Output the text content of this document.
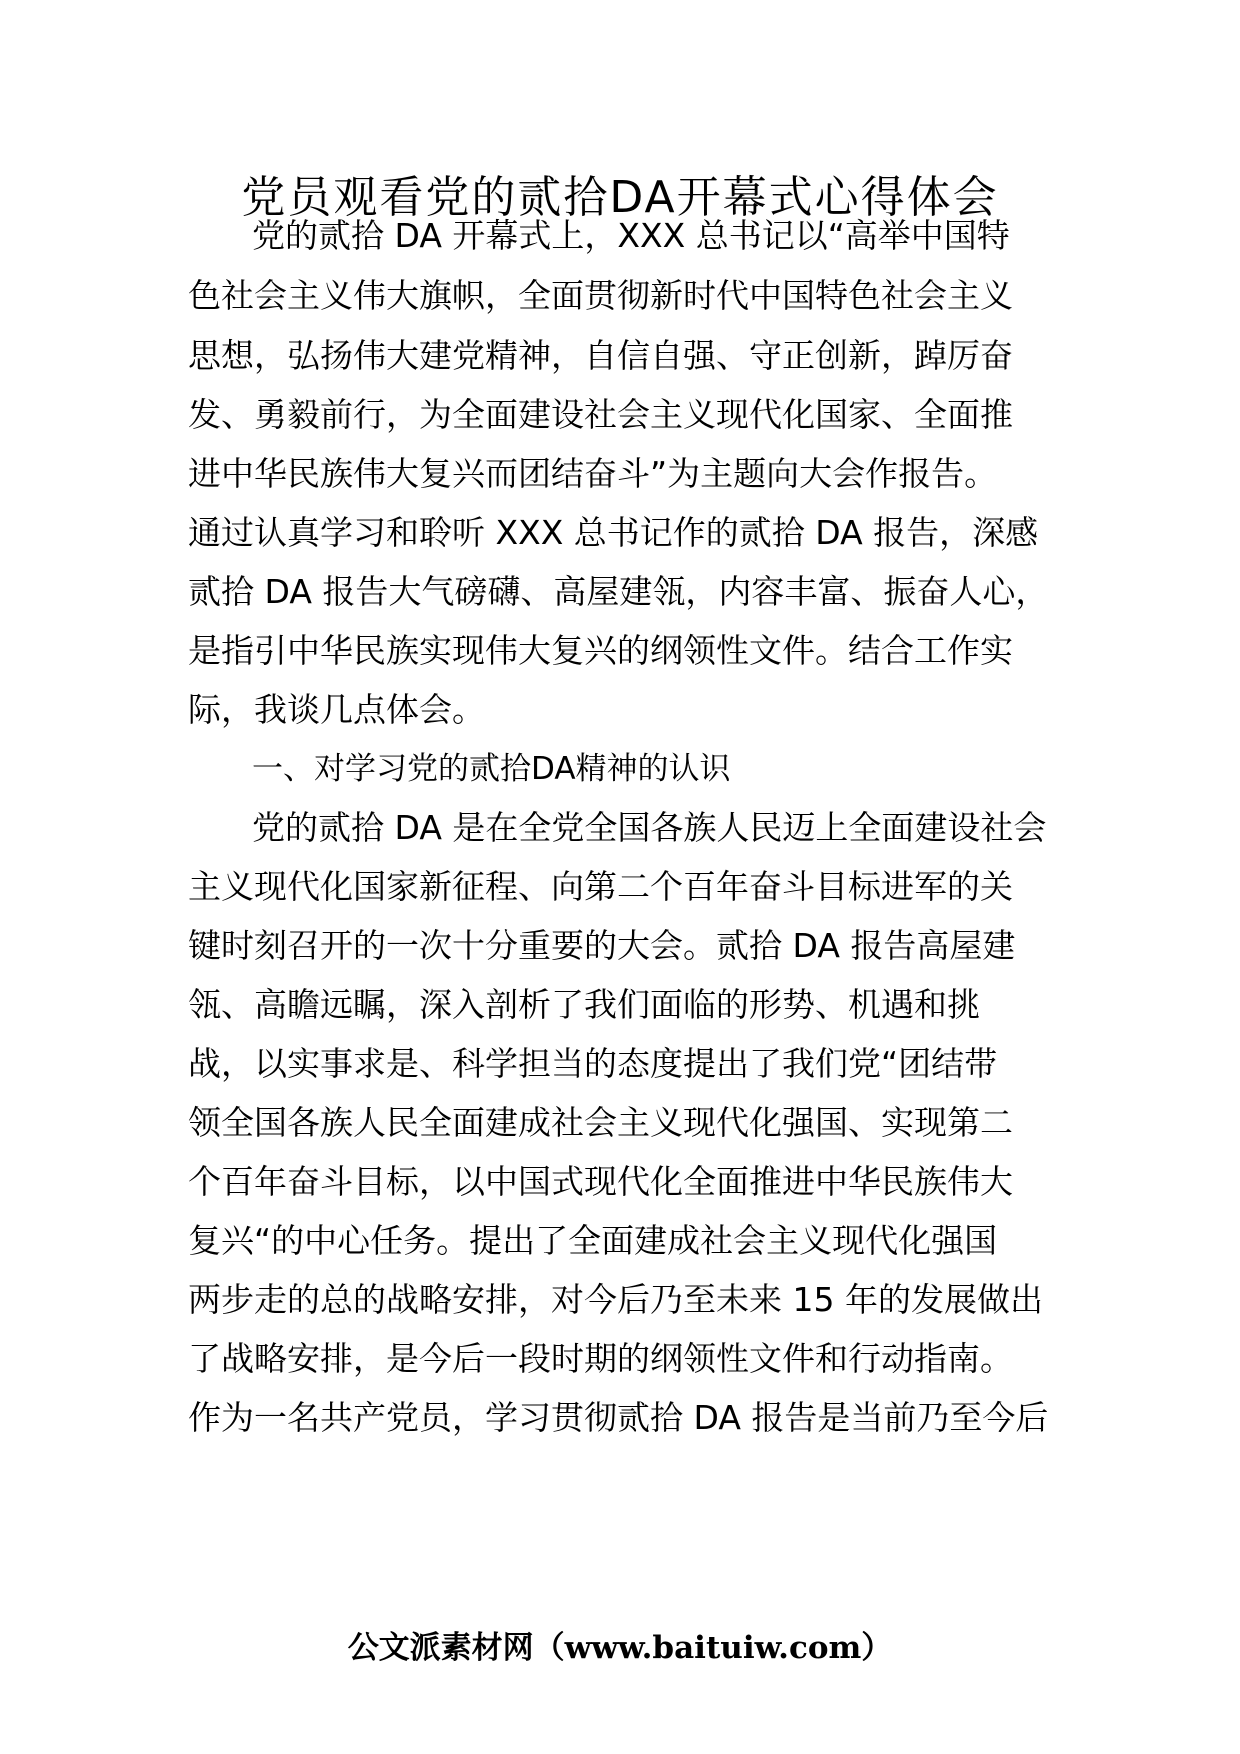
党员观看党的贰拾DA开幕式心得体会
党的贰拾 DA 开幕式上，XXX 总书记以“高举中国特
色社会主义伟大旗帜，全面贯彻新时代中国特色社会主义
思想，弘扬伟大建党精神，自信自强、守正创新，踔厉奋
发、勇毅前行，为全面建设社会主义现代化国家、全面推
进中华民族伟大复兴而团结奋斗”为主题向大会作报告。
通过认真学习和聆听 XXX 总书记作的贰拾 DA 报告，深感
贰拾 DA 报告大气磅礴、高屋建瓴，内容丰富、振奋人心，
是指引中华民族实现伟大复兴的纲领性文件。结合工作实
际，我谈几点体会。
一、对学习党的贰拾DA精神的认识
党的贰拾 DA 是在全党全国各族人民迈上全面建设社会
主义现代化国家新征程、向第二个百年奋斗目标进军的关
键时刻召开的一次十分重要的大会。贰拾 DA 报告高屋建
瓴、高瞻远瞩，深入剖析了我们面临的形势、机遇和挑
战，以实事求是、科学担当的态度提出了我们党“团结带
领全国各族人民全面建成社会主义现代化强国、实现第二
个百年奋斗目标，以中国式现代化全面推进中华民族伟大
复兴“的中心任务。提出了全面建成社会主义现代化强国
两步走的总的战略安排，对今后乃至未来 15 年的发展做出
了战略安排，是今后一段时期的纲领性文件和行动指南。
作为一名共产党员，学习贯彻贰拾 DA 报告是当前乃至今后
公文派素材网（www.baituiw.com）
